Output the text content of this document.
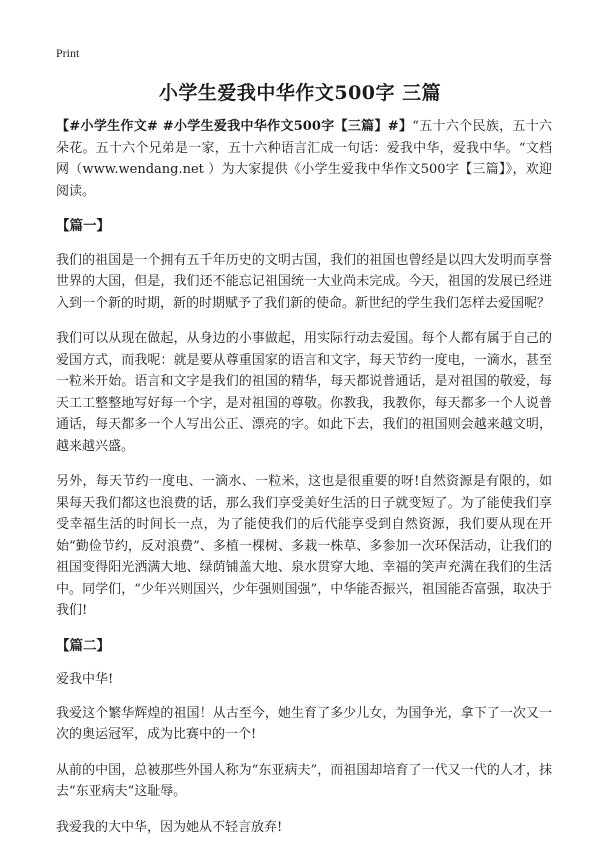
Print
小学生爱我中华作文500字 三篇

【#小学生作文# #小学生爱我中华作文500字【三篇】#】“五十六个民族，五十六朵花。五十六个兄弟是一家，五十六种语言汇成一句话：爱我中华，爱我中华。“文档网（www.wendang.net ）为大家提供《小学生爱我中华作文500字【三篇】》，欢迎阅读。

【篇一】

我们的祖国是一个拥有五千年历史的文明古国，我们的祖国也曾经是以四大发明而享誉世界的大国，但是，我们还不能忘记祖国统一大业尚未完成。今天，祖国的发展已经进入到一个新的时期，新的时期赋予了我们新的使命。新世纪的学生我们怎样去爱国呢？

我们可以从现在做起，从身边的小事做起，用实际行动去爱国。每个人都有属于自己的爱国方式，而我呢：就是要从尊重国家的语言和文字，每天节约一度电，一滴水，甚至一粒米开始。语言和文字是我们的祖国的精华，每天都说普通话，是对祖国的敬爱，每天工工整整地写好每一个字，是对祖国的尊敬。你教我，我教你，每天都多一个人说普通话，每天都多一个人写出公正、漂亮的字。如此下去，我们的祖国则会越来越文明，越来越兴盛。

另外，每天节约一度电、一滴水、一粒米，这也是很重要的呀!自然资源是有限的，如果每天我们都这也浪费的话，那么我们享受美好生活的日子就变短了。为了能使我们享受幸福生活的时间长一点，为了能使我们的后代能享受到自然资源，我们要从现在开始“勤俭节约，反对浪费”、多植一棵树、多栽一株草、多参加一次环保活动，让我们的祖国变得阳光洒满大地、绿荫铺盖大地、泉水贯穿大地、幸福的笑声充满在我们的生活中。同学们，“少年兴则国兴，少年强则国强”，中华能否振兴，祖国能否富强，取决于我们!

【篇二】

爱我中华!

我爱这个繁华辉煌的祖国！从古至今，她生育了多少儿女，为国争光，拿下了一次又一次的奥运冠军，成为比赛中的一个!

从前的中国，总被那些外国人称为“东亚病夫”，而祖国却培育了一代又一代的人才，抹去“东亚病夫”这耻辱。

我爱我的大中华，因为她从不轻言放弃!
